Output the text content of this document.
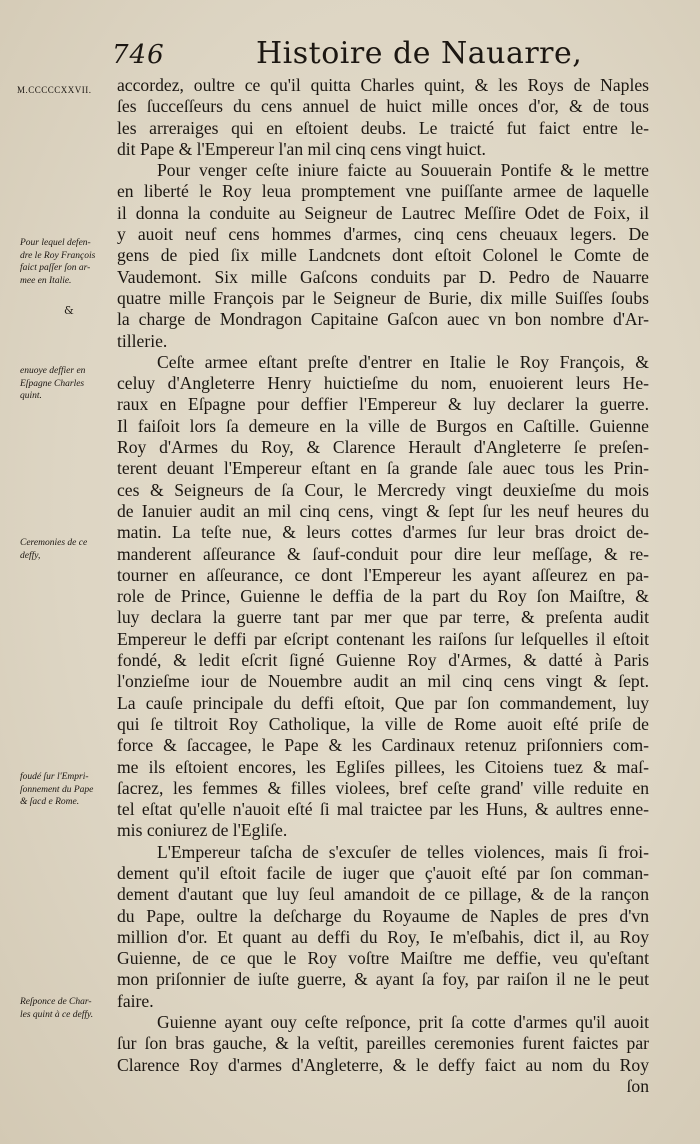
746	Histoire de Nauarre,
M.CCCCCXXVII.
Pour lequel defen-
dre le Roy François
faict paſſer ſon ar-
mee en Italie.
&
enuoye deffier en
Eſpagne Charles
quint.
Ceremonies de ce
deffy,
foudé ſur l'Empri-
ſonnement du Pape
& ſacd e Rome.
Reſponce de Char-
les quint à ce deffy.
accordez, oultre ce qu'il quitta Charles quint, & les Roys de Naples
ſes ſucceſſeurs du cens annuel de huict mille onces d'or, & de tous
les arreraiges qui en eſtoient deubs. Le traicté fut faict entre le-
dit Pape & l'Empereur l'an mil cinq cens vingt huict.
Pour venger ceſte iniure faicte au Souuerain Pontife & le mettre
en liberté le Roy leua promptement vne puiſſante armee de laquelle
il donna la conduite au Seigneur de Lautrec Meſſire Odet de Foix, il
y auoit neuf cens hommes d'armes, cinq cens cheuaux legers. De
gens de pied ſix mille Landcnets dont eſtoit Colonel le Comte de
Vaudemont. Six mille Gaſcons conduits par D. Pedro de Nauarre
quatre mille François par le Seigneur de Burie, dix mille Suiſſes ſoubs
la charge de Mondragon Capitaine Gaſcon auec vn bon nombre d'Ar-
tillerie.
Ceſte armee eſtant preſte d'entrer en Italie le Roy François, &
celuy d'Angleterre Henry huictieſme du nom, enuoierent leurs He-
raux en Eſpagne pour deffier l'Empereur & luy declarer la guerre.
Il faiſoit lors ſa demeure en la ville de Burgos en Caſtille. Guienne
Roy d'Armes du Roy, & Clarence Herault d'Angleterre ſe preſen-
terent deuant l'Empereur eſtant en ſa grande ſale auec tous les Prin-
ces & Seigneurs de ſa Cour, le Mercredy vingt deuxieſme du mois
de Ianuier audit an mil cinq cens, vingt & ſept ſur les neuf heures du
matin. La teſte nue, & leurs cottes d'armes ſur leur bras droict de-
manderent aſſeurance & ſauf-conduit pour dire leur meſſage, & re-
tourner en aſſeurance, ce dont l'Empereur les ayant aſſeurez en pa-
role de Prince, Guienne le deffia de la part du Roy ſon Maiſtre, &
luy declara la guerre tant par mer que par terre, & preſenta audit
Empereur le deffi par eſcript contenant les raiſons ſur leſquelles il eſtoit
fondé, & ledit eſcrit ſigné Guienne Roy d'Armes, & datté à Paris
l'onzieſme iour de Nouembre audit an mil cinq cens vingt & ſept.
La cauſe principale du deffi eſtoit, Que par ſon commandement, luy
qui ſe tiltroit Roy Catholique, la ville de Rome auoit eſté priſe de
force & ſaccagee, le Pape & les Cardinaux retenuz priſonniers com-
me ils eſtoient encores, les Egliſes pillees, les Citoiens tuez & maſ-
ſacrez, les femmes & filles violees, bref ceſte grand' ville reduite en
tel eſtat qu'elle n'auoit eſté ſi mal traictee par les Huns, & aultres enne-
mis coniurez de l'Egliſe.
L'Empereur taſcha de s'excuſer de telles violences, mais ſi froi-
dement qu'il eſtoit facile de iuger que ç'auoit eſté par ſon comman-
dement d'autant que luy ſeul amandoit de ce pillage, & de la rançon
du Pape, oultre la deſcharge du Royaume de Naples de pres d'vn
million d'or. Et quant au deffi du Roy, Ie m'eſbahis, dict il, au Roy
Guienne, de ce que le Roy voſtre Maiſtre me deffie, veu qu'eſtant
mon priſonnier de iuſte guerre, & ayant ſa foy, par raiſon il ne le peut
faire.
Guienne ayant ouy ceſte reſponce, prit ſa cotte d'armes qu'il auoit
ſur ſon bras gauche, & la veſtit, pareilles ceremonies furent faictes par
Clarence Roy d'armes d'Angleterre, & le deffy faict au nom du Roy
ſon
